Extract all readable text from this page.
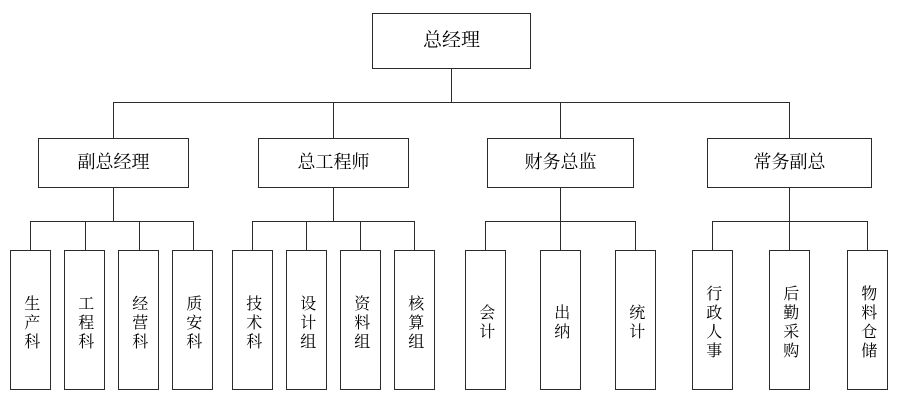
总经理
副总经理	总工程师	财务总监	常务副总
生产科 工程科 经营科 质安科	技术科 设计组 资料组 核算组	会计	出纳	统计	行政人事	后勤采购	物料仓储
